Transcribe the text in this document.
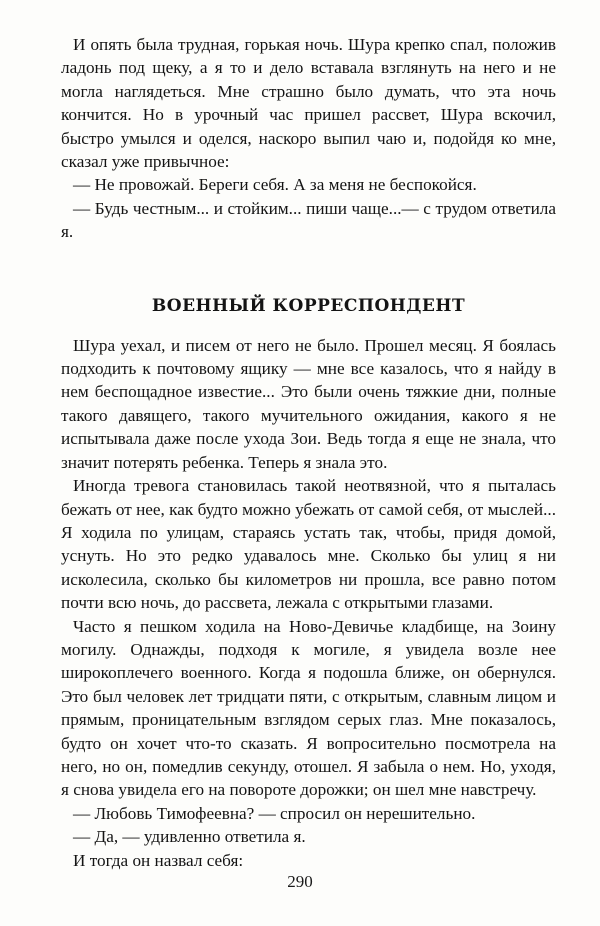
И опять была трудная, горькая ночь. Шура крепко спал, положив ладонь под щеку, а я то и дело вставала взглянуть на него и не могла наглядеться. Мне страшно было думать, что эта ночь кончится. Но в урочный час пришел рассвет, Шура вскочил, быстро умылся и оделся, наскоро выпил чаю и, подойдя ко мне, сказал уже привычное:

— Не провожай. Береги себя. А за меня не беспокойся.

— Будь честным... и стойким... пиши чаще...— с трудом ответила я.

ВОЕННЫЙ КОРРЕСПОНДЕНТ

Шура уехал, и писем от него не было. Прошел месяц. Я боялась подходить к почтовому ящику — мне все казалось, что я найду в нем беспощадное известие... Это были очень тяжкие дни, полные такого давящего, такого мучительного ожидания, какого я не испытывала даже после ухода Зои. Ведь тогда я еще не знала, что значит потерять ребенка. Теперь я знала это.

Иногда тревога становилась такой неотвязной, что я пыталась бежать от нее, как будто можно убежать от самой себя, от мыслей... Я ходила по улицам, стараясь устать так, чтобы, придя домой, уснуть. Но это редко удавалось мне. Сколько бы улиц я ни исколесила, сколько бы километров ни прошла, все равно потом почти всю ночь, до рассвета, лежала с открытыми глазами.

Часто я пешком ходила на Ново-Девичье кладбище, на Зоину могилу. Однажды, подходя к могиле, я увидела возле нее широкоплечего военного. Когда я подошла ближе, он обернулся. Это был человек лет тридцати пяти, с открытым, славным лицом и прямым, проницательным взглядом серых глаз. Мне показалось, будто он хочет что-то сказать. Я вопросительно посмотрела на него, но он, помедлив секунду, отошел. Я забыла о нем. Но, уходя, я снова увидела его на повороте дорожки; он шел мне навстречу.

— Любовь Тимофеевна? — спросил он нерешительно.

— Да, — удивленно ответила я.

И тогда он назвал себя:

290
